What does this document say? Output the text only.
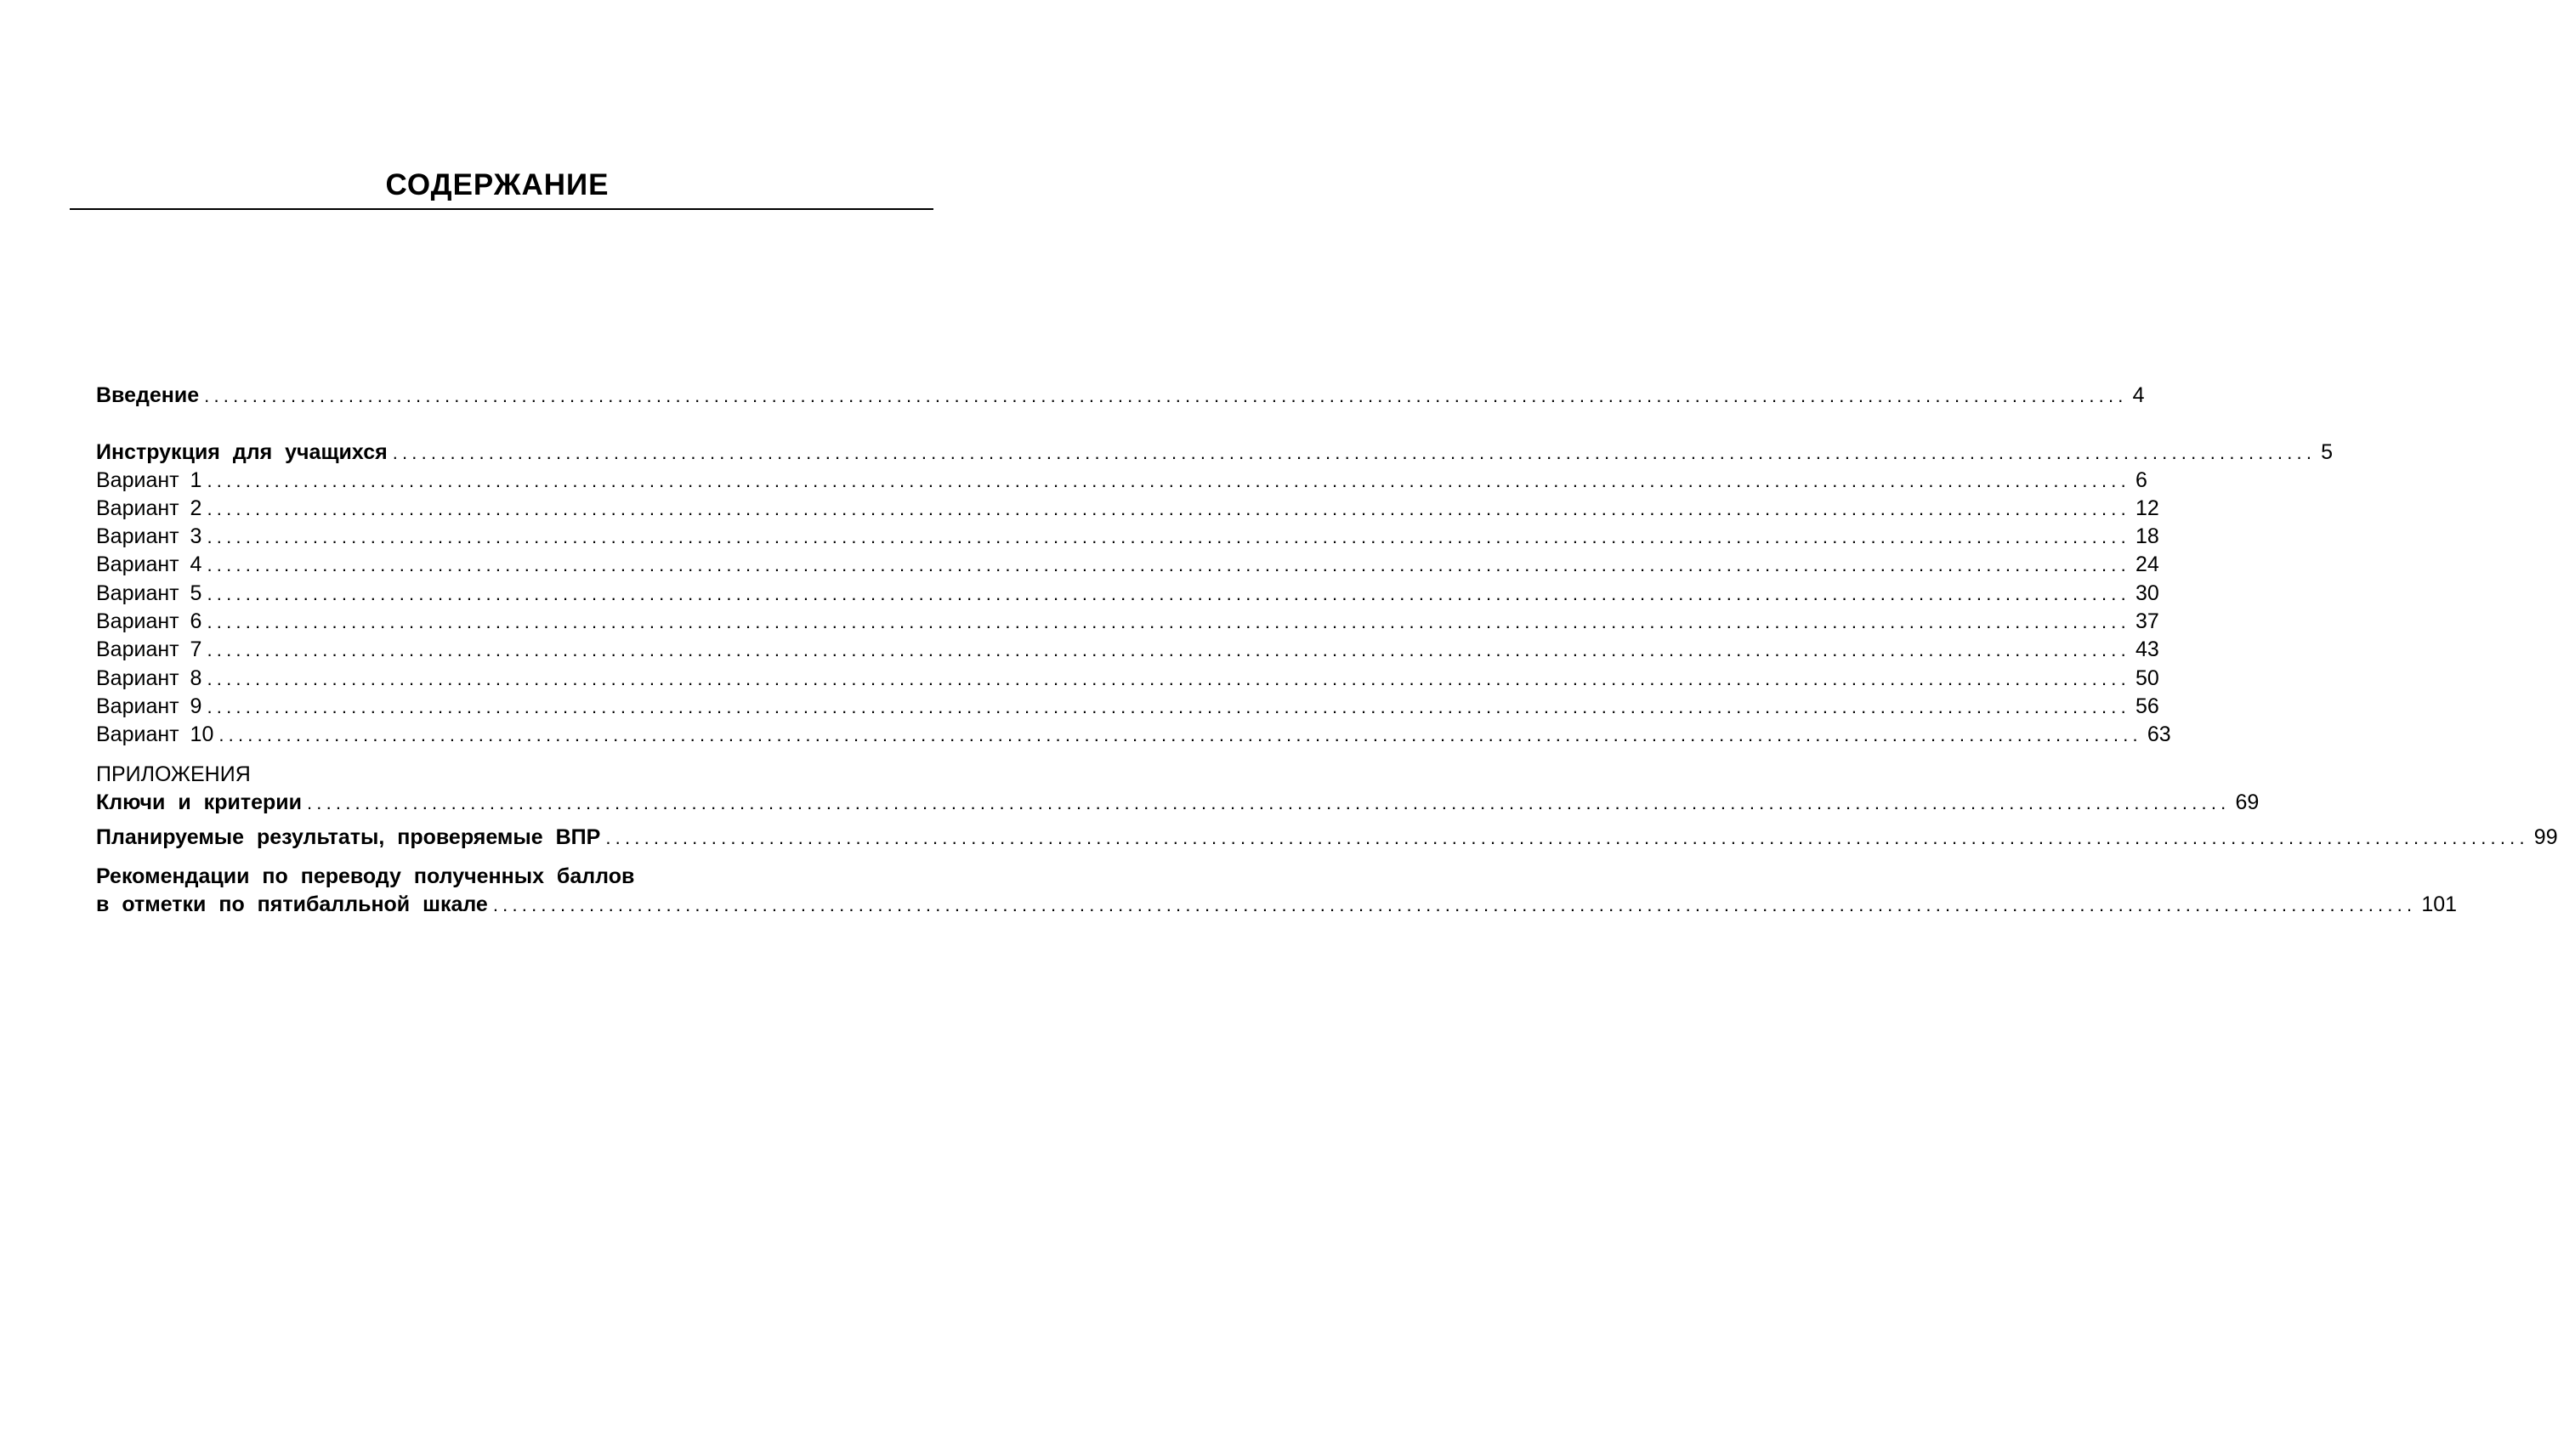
СОДЕРЖАНИЕ
Введение ........................................................................................................................................................................................................ 4
Инструкция для учащихся ........................................................................................................................................................................................................ 5
Вариант 1 ........................................................................................................................................................................................................ 6
Вариант 2 ........................................................................................................................................................................................................ 12
Вариант 3 ........................................................................................................................................................................................................ 18
Вариант 4 ........................................................................................................................................................................................................ 24
Вариант 5 ........................................................................................................................................................................................................ 30
Вариант 6 ........................................................................................................................................................................................................ 37
Вариант 7 ........................................................................................................................................................................................................ 43
Вариант 8 ........................................................................................................................................................................................................ 50
Вариант 9 ........................................................................................................................................................................................................ 56
Вариант 10 ........................................................................................................................................................................................................ 63
ПРИЛОЖЕНИЯ
Ключи и критерии ........................................................................................................................................................................................................ 69
Планируемые результаты, проверяемые ВПР ........................................................................................................................................................................................................ 99
Рекомендации по переводу полученных баллов
в отметки по пятибалльной шкале ........................................................................................................................................................................................................ 101
